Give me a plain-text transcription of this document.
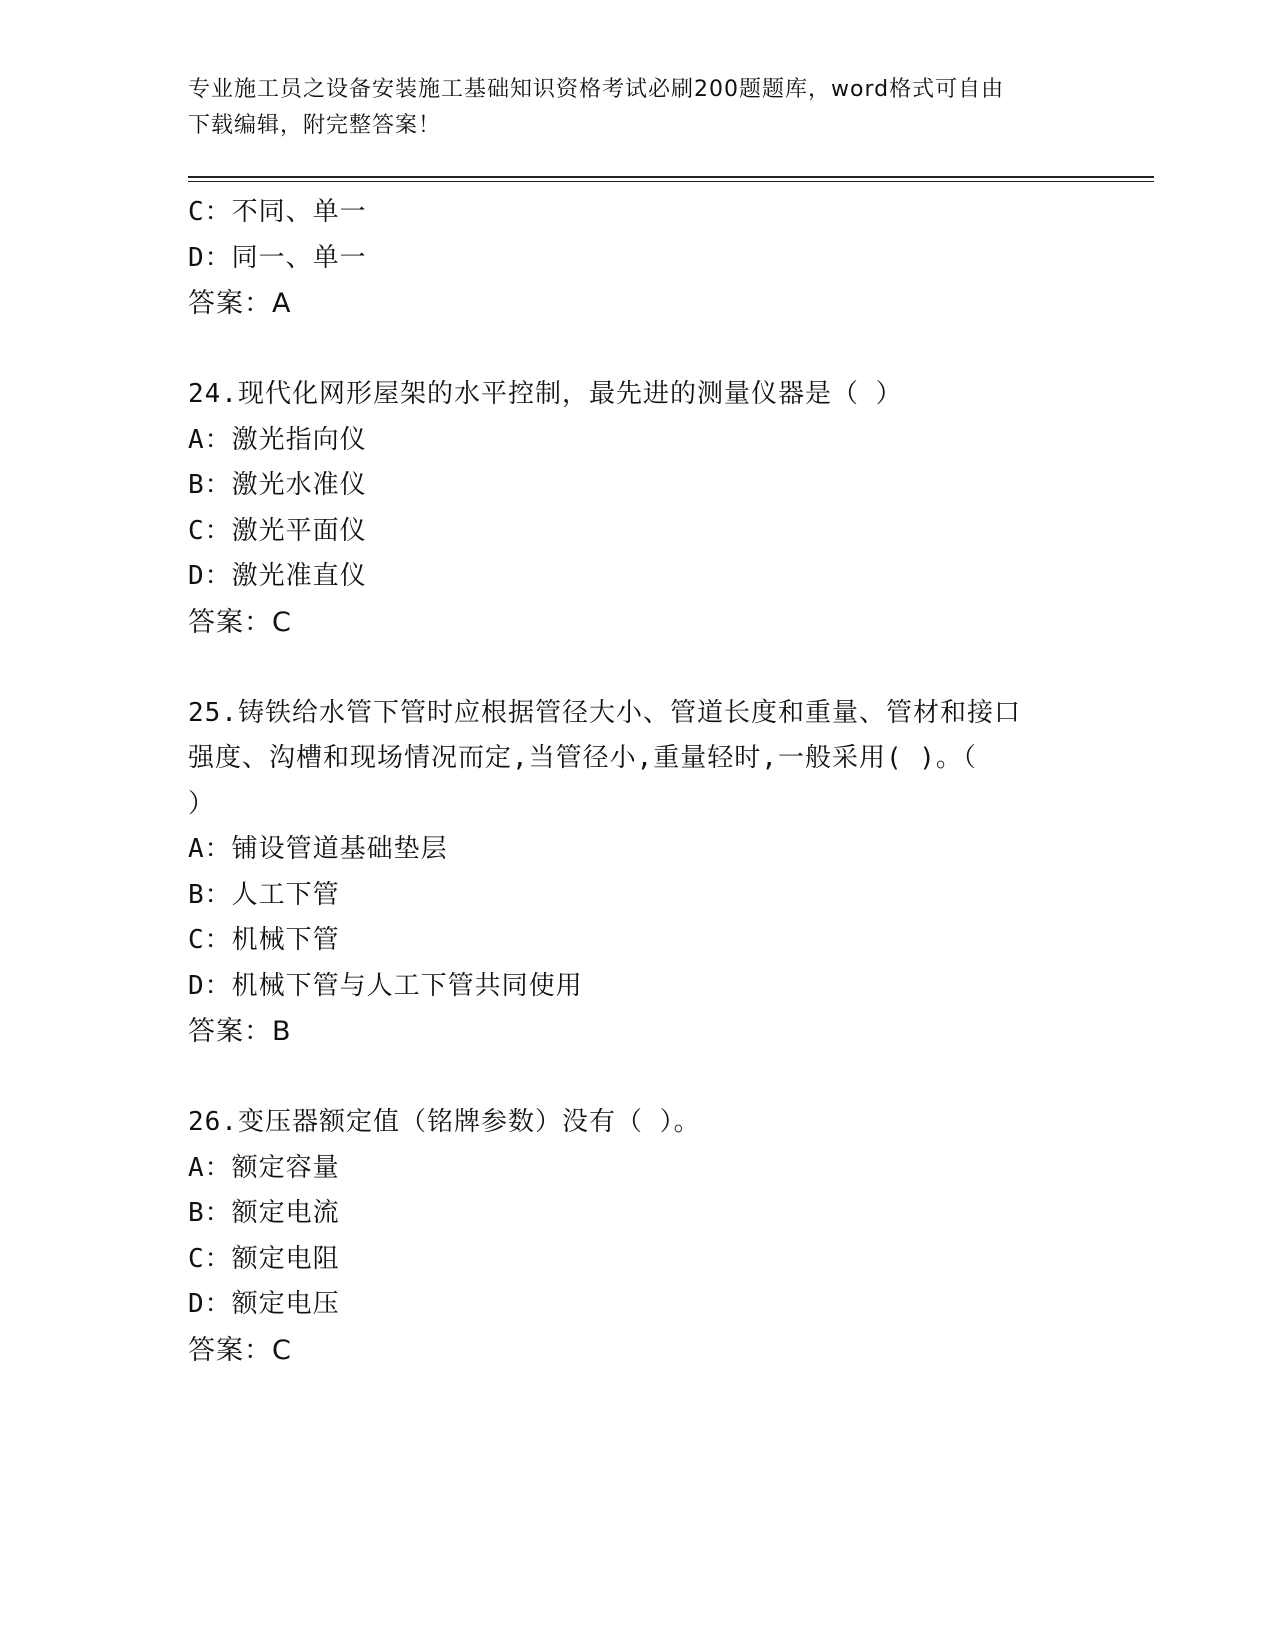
专业施工员之设备安装施工基础知识资格考试必刷200题题库，word格式可自由
下载编辑，附完整答案！
C：不同、单一
D：同一、单一
答案：A
24.现代化网形屋架的水平控制，最先进的测量仪器是（ ）
A：激光指向仪
B：激光水准仪
C：激光平面仪
D：激光准直仪
答案：C
25.铸铁给水管下管时应根据管径大小、管道长度和重量、管材和接口
强度、沟槽和现场情况而定,当管径小,重量轻时,一般采用( )。（
）
A：铺设管道基础垫层
B：人工下管
C：机械下管
D：机械下管与人工下管共同使用
答案：B
26.变压器额定值（铭牌参数）没有（ ）。
A：额定容量
B：额定电流
C：额定电阻
D：额定电压
答案：C
